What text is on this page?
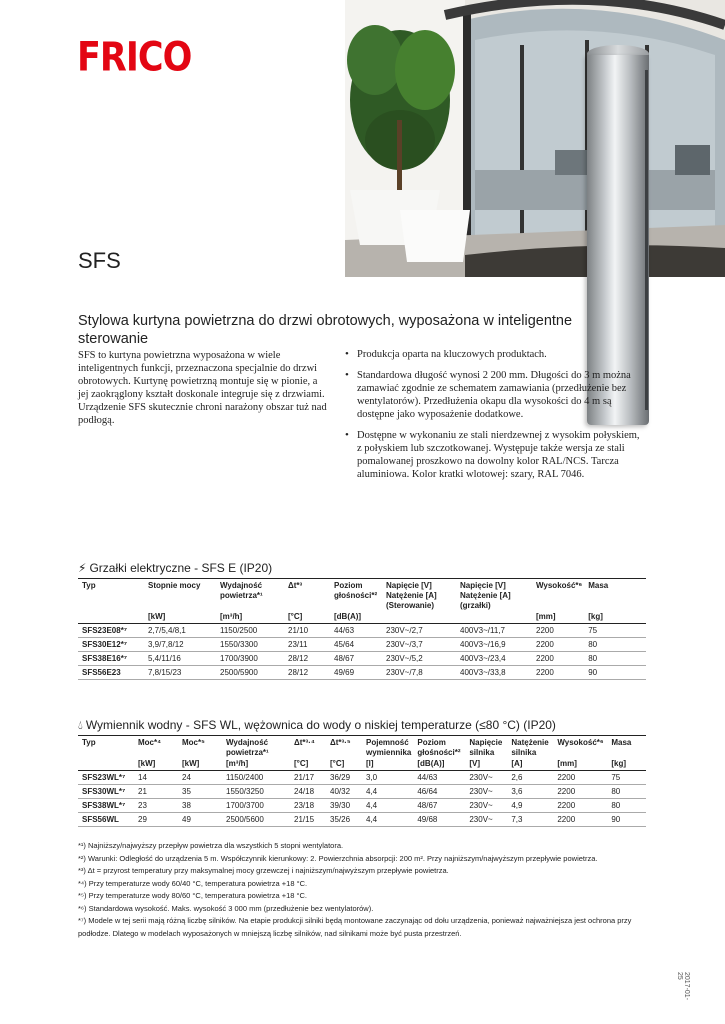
FRICO
SFS
Stylowa kurtyna powietrzna do drzwi obrotowych, wyposażona w inteligentne sterowanie
SFS to kurtyna powietrzna wyposażona w wiele inteligentnych funkcji, przeznaczona specjalnie do drzwi obrotowych. Kurtynę powietrzną montuje się w pionie, a jej zaokrąglony kształt doskonale integruje się z drzwiami. Urządzenie SFS skutecznie chroni narażony obszar tuż nad podłogą.
• Produkcja oparta na kluczowych produktach.
• Standardowa długość wynosi 2 200 mm. Długości do 3 m można zamawiać zgodnie ze schematem zamawiania (przedłużenie bez wentylatorów). Przedłużenia okapu dla wysokości do 4 m są dostępne jako wyposażenie dodatkowe.
• Dostępne w wykonaniu ze stali nierdzewnej z wysokim połyskiem, z połyskiem lub szczotkowanej. Występuje także wersja ze stali pomalowanej proszkowo na dowolny kolor RAL/NCS. Tarcza aluminiowa. Kolor kratki wlotowej: szary, RAL 7046.
⚡︎ Grzałki elektryczne - SFS E (IP20)
Typ	Stopnie mocy	Wydajność powietrza*¹	Δt*³	Poziom głośności*²	Napięcie [V] Natężenie [A] (Sterowanie)	Napięcie [V] Natężenie [A] (grzałki)	Wysokość*⁶	Masa
	[kW]	[m³/h]	[°C]	[dB(A)]			[mm]	[kg]
SFS23E08*⁷	2,7/5,4/8,1	1150/2500	21/10	44/63	230V~/2,7	400V3~/11,7	2200	75
SFS30E12*⁷	3,9/7,8/12	1550/3300	23/11	45/64	230V~/3,7	400V3~/16,9	2200	80
SFS38E16*⁷	5,4/11/16	1700/3900	28/12	48/67	230V~/5,2	400V3~/23,4	2200	80
SFS56E23	7,8/15/23	2500/5900	28/12	49/69	230V~/7,8	400V3~/33,8	2200	90
💧︎ Wymiennik wodny - SFS WL, wężownica do wody o niskiej temperaturze (≤80 °C) (IP20)
Typ	Moc*⁴	Moc*⁵	Wydajność powietrza*¹	Δt*³·⁴	Δt*³·⁵	Pojemność wymiennika	Poziom głośności*²	Napięcie silnika	Natężenie silnika	Wysokość*⁶	Masa
	[kW]	[kW]	[m³/h]	[°C]	[°C]	[l]	[dB(A)]	[V]	[A]	[mm]	[kg]
SFS23WL*⁷	14	24	1150/2400	21/17	36/29	3,0	44/63	230V~	2,6	2200	75
SFS30WL*⁷	21	35	1550/3250	24/18	40/32	4,4	46/64	230V~	3,6	2200	80
SFS38WL*⁷	23	38	1700/3700	23/18	39/30	4,4	48/67	230V~	4,9	2200	80
SFS56WL	29	49	2500/5600	21/15	35/26	4,4	49/68	230V~	7,3	2200	90
*¹) Najniższy/najwyższy przepływ powietrza dla wszystkich 5 stopni wentylatora.
*²) Warunki: Odległość do urządzenia 5 m. Współczynnik kierunkowy: 2. Powierzchnia absorpcji: 200 m². Przy najniższym/najwyższym przepływie powietrza.
*³) Δt = przyrost temperatury przy maksymalnej mocy grzewczej i najniższym/najwyższym przepływie powietrza.
*⁴) Przy temperaturze wody 60/40 °C, temperatura powietrza +18 °C.
*⁵) Przy temperaturze wody 80/60 °C, temperatura powietrza +18 °C.
*⁶) Standardowa wysokość. Maks. wysokość 3 000 mm (przedłużenie bez wentylatorów).
*⁷) Modele w tej serii mają różną liczbę silników. Na etapie produkcji silniki będą montowane zaczynając od dołu urządzenia, ponieważ najważniejsza jest ochrona przy podłodze. Dlatego w modelach wyposażonych w mniejszą liczbę silników, nad silnikami może być pusta przestrzeń.
2017-01-25
